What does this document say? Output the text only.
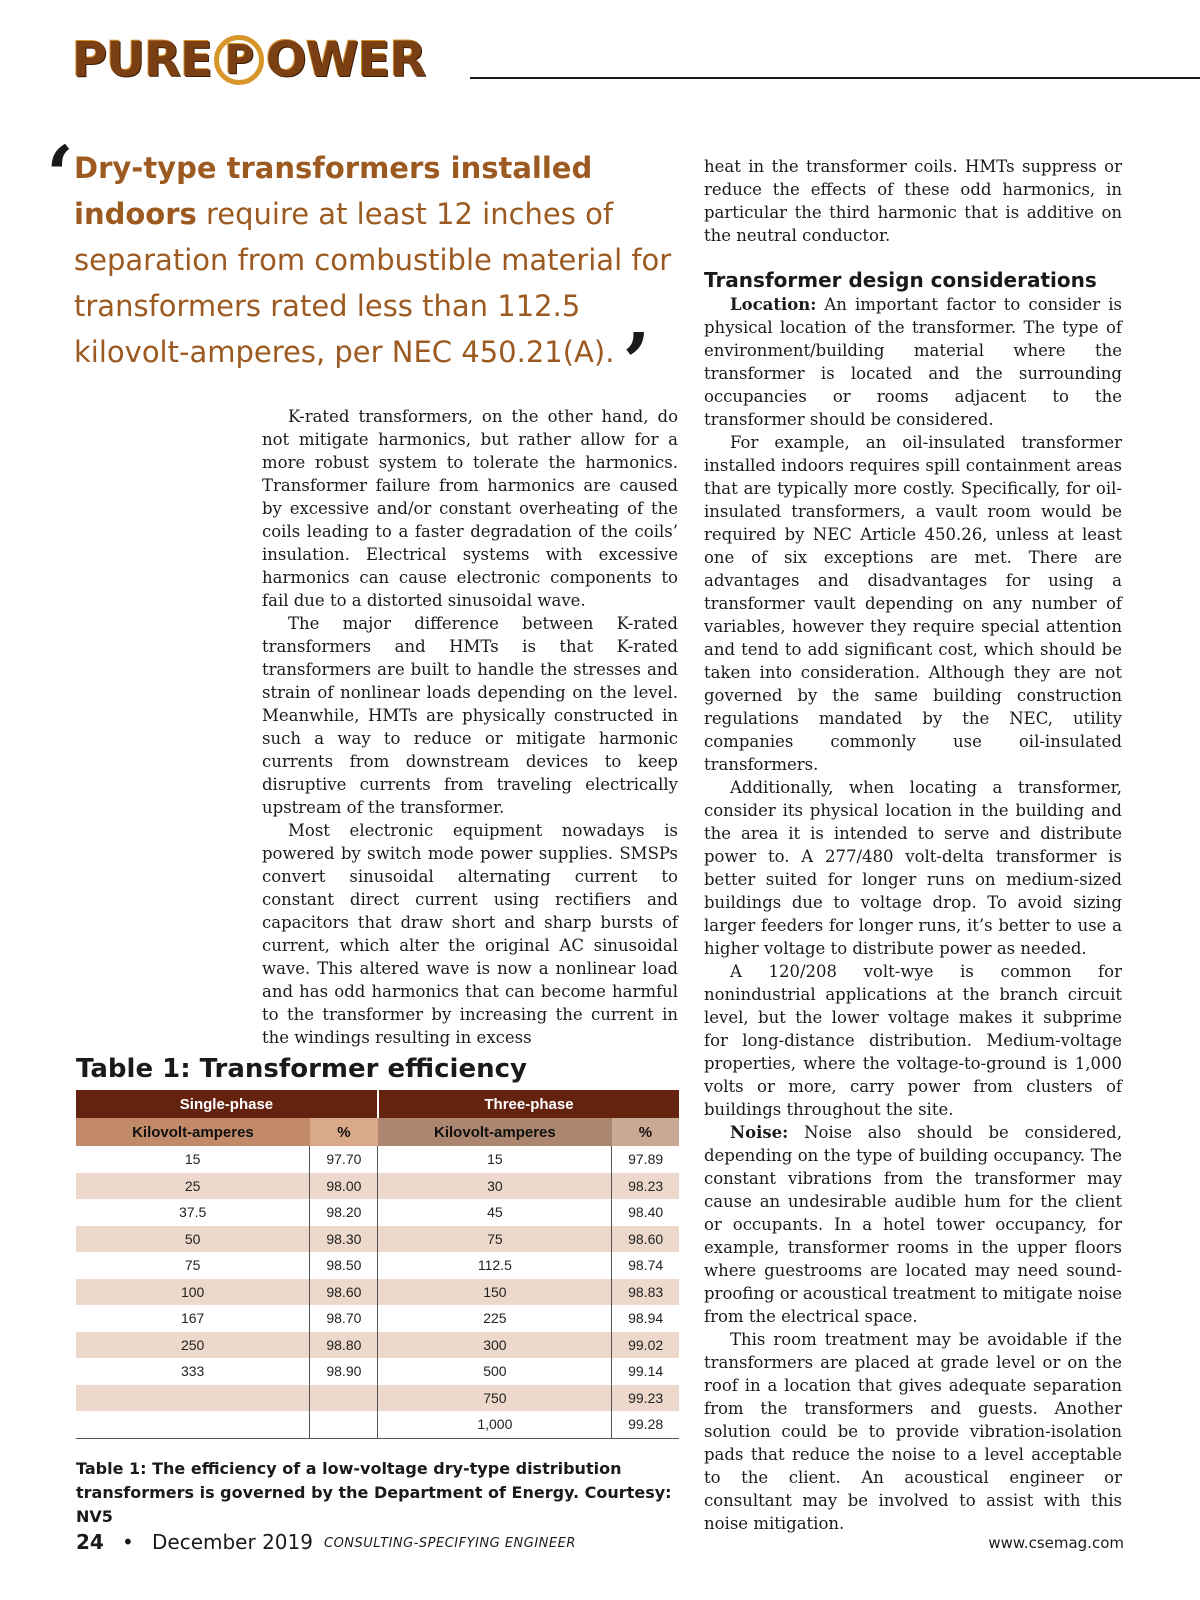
PURE P OWER
‘ Dry-type transformers installed indoors require at least 12 inches of separation from combustible material for transformers rated less than 112.5 kilovolt-amperes, per NEC 450.21(A). ’

K-rated transformers, on the other hand, do not mitigate harmonics, but rather allow for a more robust system to tolerate the harmonics. Transformer failure from harmonics are caused by excessive and/or constant overheating of the coils leading to a faster degradation of the coils’ insulation. Electrical systems with excessive harmonics can cause electronic components to fail due to a distorted sinusoidal wave.

The major difference between K-rated transformers and HMTs is that K-rated transformers are built to handle the stresses and strain of nonlinear loads depending on the level. Meanwhile, HMTs are physically constructed in such a way to reduce or mitigate harmonic currents from downstream devices to keep disruptive currents from traveling electrically upstream of the transformer.

Most electronic equipment nowadays is powered by switch mode power supplies. SMSPs convert sinusoidal alternating current to constant direct current using rectifiers and capacitors that draw short and sharp bursts of current, which alter the original AC sinusoidal wave. This altered wave is now a nonlinear load and has odd harmonics that can become harmful to the transformer by increasing the current in the windings resulting in excess

heat in the transformer coils. HMTs suppress or reduce the effects of these odd harmonics, in particular the third harmonic that is additive on the neutral conductor.

Transformer design considerations

Location: An important factor to consider is physical location of the transformer. The type of environment/building material where the transformer is located and the surrounding occupancies or rooms adjacent to the transformer should be considered.

For example, an oil-insulated transformer installed indoors requires spill containment areas that are typically more costly. Specifically, for oil-insulated transformers, a vault room would be required by NEC Article 450.26, unless at least one of six exceptions are met. There are advantages and disadvantages for using a transformer vault depending on any number of variables, however they require special attention and tend to add significant cost, which should be taken into consideration. Although they are not governed by the same building construction regulations mandated by the NEC, utility companies commonly use oil-insulated transformers.

Additionally, when locating a transformer, consider its physical location in the building and the area it is intended to serve and distribute power to. A 277/480 volt-delta transformer is better suited for longer runs on medium-sized buildings due to voltage drop. To avoid sizing larger feeders for longer runs, it’s better to use a higher voltage to distribute power as needed.

A 120/208 volt-wye is common for nonindustrial applications at the branch circuit level, but the lower voltage makes it subprime for long-distance distribution. Medium-voltage properties, where the voltage-to-ground is 1,000 volts or more, carry power from clusters of buildings throughout the site.

Noise: Noise also should be considered, depending on the type of building occupancy. The constant vibrations from the transformer may cause an undesirable audible hum for the client or occupants. In a hotel tower occupancy, for example, transformer rooms in the upper floors where guestrooms are located may need sound-proofing or acoustical treatment to mitigate noise from the electrical space.

This room treatment may be avoidable if the transformers are placed at grade level or on the roof in a location that gives adequate separation from the transformers and guests. Another solution could be to provide vibration-isolation pads that reduce the noise to a level acceptable to the client. An acoustical engineer or consultant may be involved to assist with this noise mitigation.

Table 1: Transformer efficiency
Single-phase		Three-phase	
Kilovolt-amperes	%	Kilovolt-amperes	%
15	97.70	15	97.89
25	98.00	30	98.23
37.5	98.20	45	98.40
50	98.30	75	98.60
75	98.50	112.5	98.74
100	98.60	150	98.83
167	98.70	225	98.94
250	98.80	300	99.02
333	98.90	500	99.14
		750	99.23
		1,000	99.28
Table 1: The efficiency of a low-voltage dry-type distribution transformers is governed by the Department of Energy. Courtesy: NV5
24 • December 2019 CONSULTING-SPECIFYING ENGINEER	www.csemag.com
